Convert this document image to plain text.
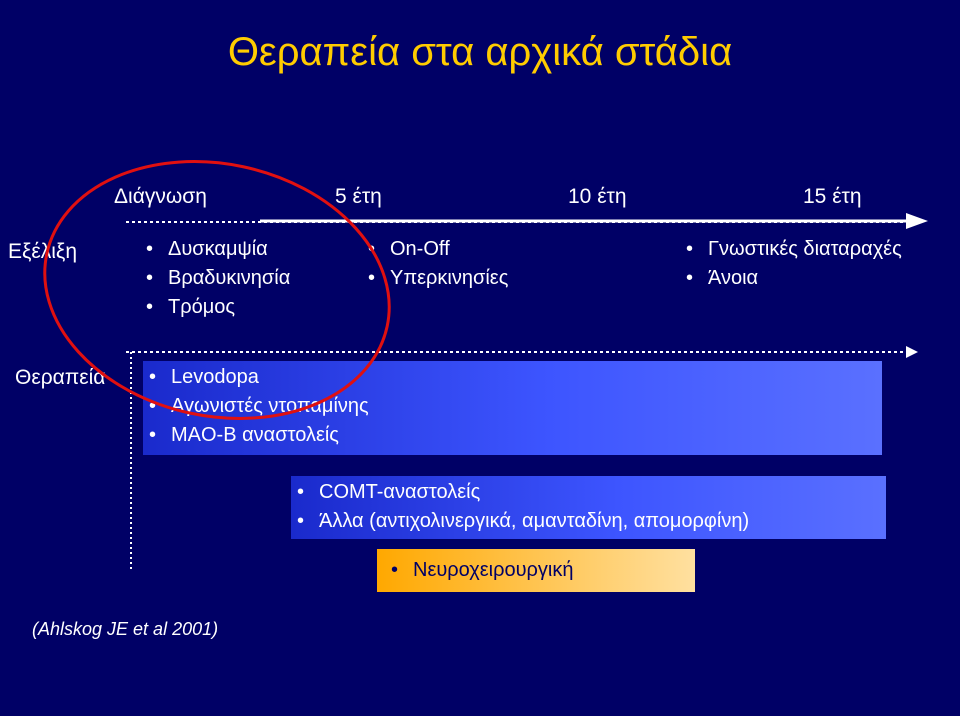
Θεραπεία στα αρχικά στάδια
Διάγνωση	5 έτη	10 έτη	15 έτη
Εξέλιξη
Θεραπεία
• Δυσκαμψία
• Βραδυκινησία
• Τρόμος
• On-Off
• Υπερκινησίες
• Γνωστικές διαταραχές
• Άνοια
• Levodopa
• Αγωνιστές ντοπαμίνης
• MAO-B αναστολείς
• COMT-αναστολείς
• Άλλα (αντιχολινεργικά, αμανταδίνη, απομορφίνη)
• Νευροχειρουργική
(Ahlskog JE et al 2001)
